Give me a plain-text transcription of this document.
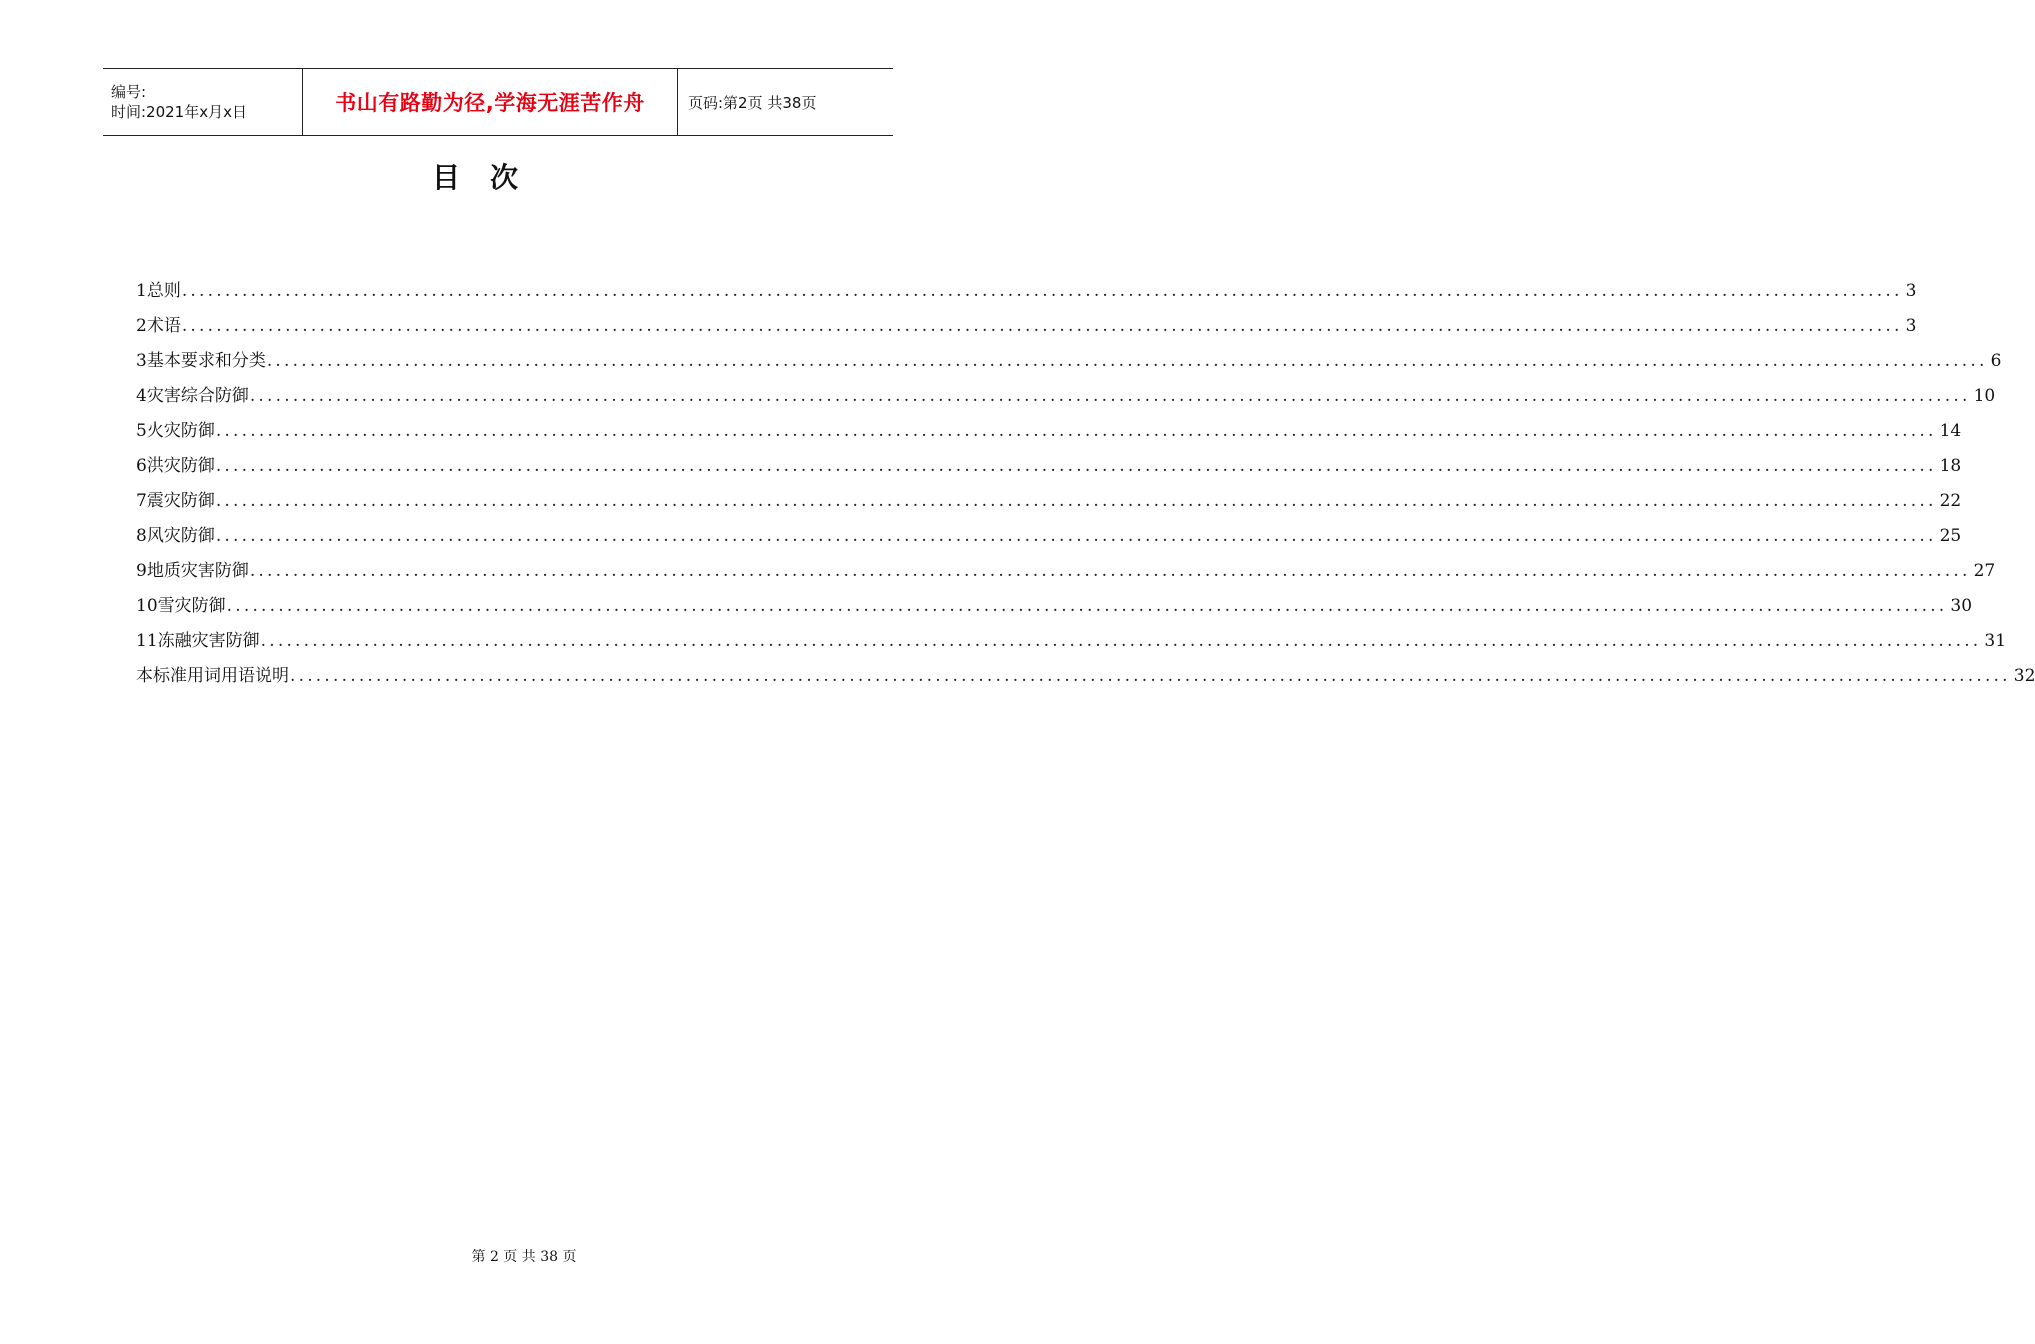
编号:
时间:2021年x月x日	书山有路勤为径,学海无涯苦作舟	页码:第2页 共38页
目次
1 总则 ........................................................................................................................................................................................................ 3
2 术语 ........................................................................................................................................................................................................ 3
3 基本要求和分类 ........................................................................................................................................................................................................ 6
4 灾害综合防御 ........................................................................................................................................................................................................ 10
5 火灾防御 ........................................................................................................................................................................................................ 14
6 洪灾防御 ........................................................................................................................................................................................................ 18
7 震灾防御 ........................................................................................................................................................................................................ 22
8 风灾防御 ........................................................................................................................................................................................................ 25
9 地质灾害防御 ........................................................................................................................................................................................................ 27
10 雪灾防御 ........................................................................................................................................................................................................ 30
11 冻融灾害防御 ........................................................................................................................................................................................................ 31
本标准用词用语说明 ........................................................................................................................................................................................................ 32
第 2 页 共 38 页
